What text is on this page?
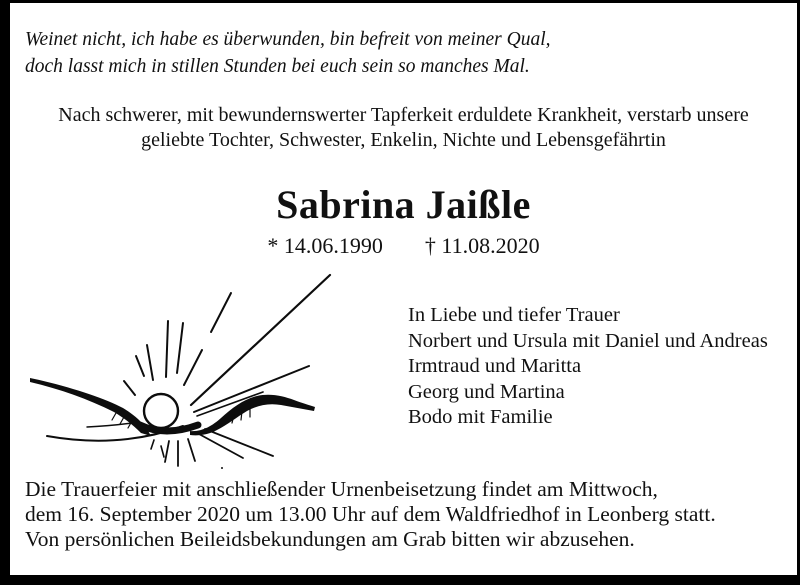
Weinet nicht, ich habe es überwunden, bin befreit von meiner Qual,
doch lasst mich in stillen Stunden bei euch sein so manches Mal.
Nach schwerer, mit bewundernswerter Tapferkeit erduldete Krankheit, verstarb unsere
geliebte Tochter, Schwester, Enkelin, Nichte und Lebensgefährtin
Sabrina Jaißle
* 14.06.1990 † 11.08.2020
In Liebe und tiefer Trauer
Norbert und Ursula mit Daniel und Andreas
Irmtraud und Maritta
Georg und Martina
Bodo mit Familie
Die Trauerfeier mit anschließender Urnenbeisetzung findet am Mittwoch,
dem 16. September 2020 um 13.00 Uhr auf dem Waldfriedhof in Leonberg statt.
Von persönlichen Beileidsbekundungen am Grab bitten wir abzusehen.
